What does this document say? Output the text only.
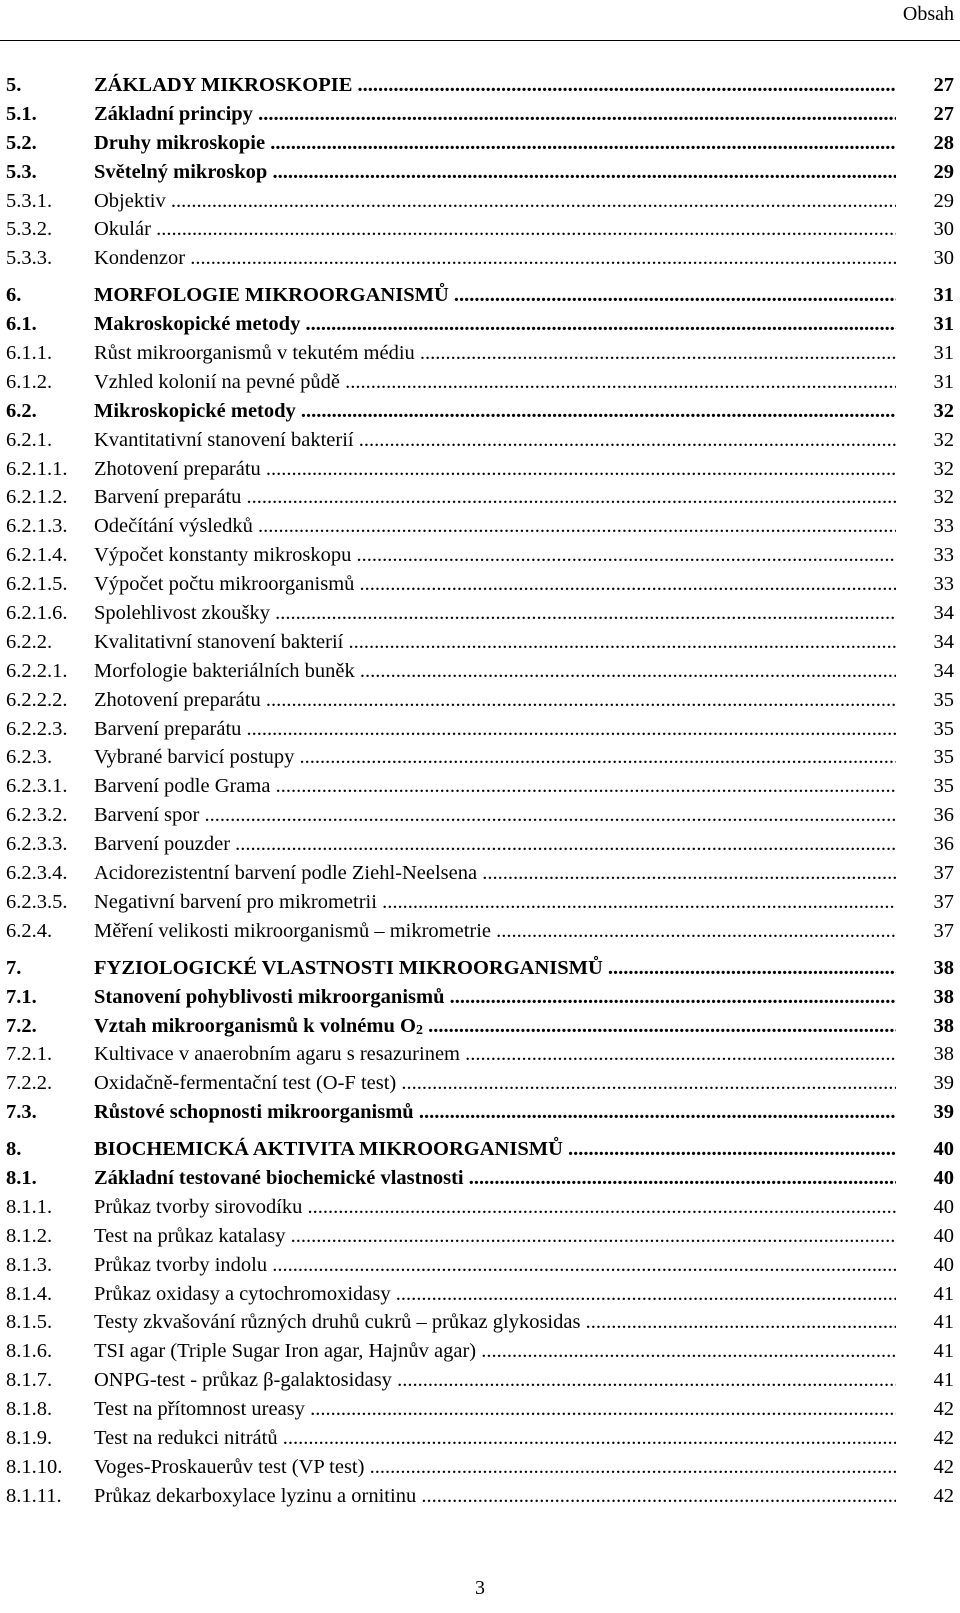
Obsah
5.	ZÁKLADY MIKROSKOPIE .....	27
5.1.	Základní principy .....	27
5.2.	Druhy mikroskopie .....	28
5.3.	Světelný mikroskop .....	29
5.3.1. Objektiv .....	29
5.3.2. Okulár .....	30
5.3.3. Kondenzor .....	30
6.	MORFOLOGIE MIKROORGANISMŮ .....	31
6.1.	Makroskopické metody .....	31
6.1.1. Růst mikroorganismů v tekutém médiu .....	31
6.1.2. Vzhled kolonií na pevné půdě .....	31
6.2.	Mikroskopické metody .....	32
6.2.1. Kvantitativní stanovení bakterií .....	32
6.2.1.1. Zhotovení preparátu .....	32
6.2.1.2. Barvení preparátu .....	32
6.2.1.3. Odečítání výsledků .....	33
6.2.1.4. Výpočet konstanty mikroskopu .....	33
6.2.1.5. Výpočet počtu mikroorganismů .....	33
6.2.1.6. Spolehlivost zkoušky .....	34
6.2.2. Kvalitativní stanovení bakterií .....	34
6.2.2.1. Morfologie bakteriálních buněk .....	34
6.2.2.2. Zhotovení preparátu .....	35
6.2.2.3. Barvení preparátu .....	35
6.2.3. Vybrané barvicí postupy .....	35
6.2.3.1. Barvení podle Grama .....	35
6.2.3.2. Barvení spor .....	36
6.2.3.3. Barvení pouzder .....	36
6.2.3.4. Acidorezistentní barvení podle Ziehl-Neelsena .....	37
6.2.3.5. Negativní barvení pro mikrometrii .....	37
6.2.4. Měření velikosti mikroorganismů – mikrometrie .....	37
7.	FYZIOLOGICKÉ VLASTNOSTI MIKROORGANISMŮ .....	38
7.1.	Stanovení pohyblivosti mikroorganismů .....	38
7.2.	Vztah mikroorganismů k volnému $O_2$ .....	38
7.2.1. Kultivace v anaerobním agaru s resazurinem .....	38
7.2.2. Oxidačně-fermentační test (O-F test) .....	39
7.3.	Růstové schopnosti mikroorganismů .....	39
8.	BIOCHEMICKÁ AKTIVITA MIKROORGANISMŮ .....	40
8.1.	Základní testované biochemické vlastnosti .....	40
8.1.1. Průkaz tvorby sirovodíku .....	40
8.1.2. Test na průkaz katalasy .....	40
8.1.3. Průkaz tvorby indolu .....	40
8.1.4. Průkaz oxidasy a cytochromoxidasy .....	41
8.1.5. Testy zkvašování různých druhů cukrů – průkaz glykosidas .....	41
8.1.6. TSI agar (Triple Sugar Iron agar, Hajnův agar) .....	41
8.1.7. ONPG-test - průkaz β-galaktosidasy .....	41
8.1.8. Test na přítomnost ureasy .....	42
8.1.9. Test na redukci nitrátů .....	42
8.1.10. Voges-Proskauerův test (VP test) .....	42
8.1.11. Průkaz dekarboxylace lyzinu a ornitinu .....	42
3
